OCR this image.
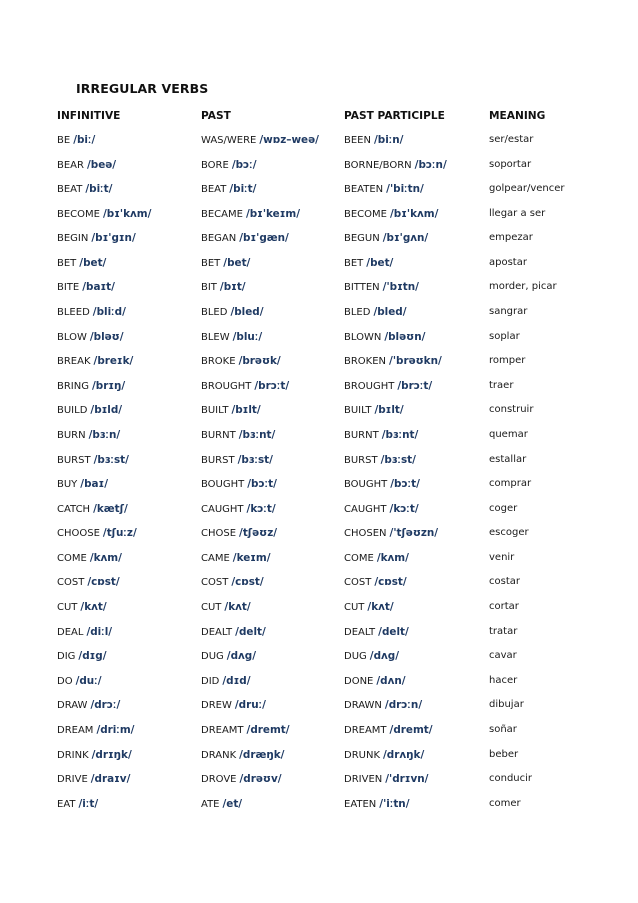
IRREGULAR VERBS
INFINITIVE	PAST	PAST PARTICIPLE	MEANING
BE /biː/	WAS/WERE /wɒz–weə/	BEEN /biːn/	ser/estar
BEAR /beə/	BORE /bɔː/	BORNE/BORN /bɔːn/	soportar
BEAT /biːt/	BEAT /biːt/	BEATEN /'biːtn/	golpear/vencer
BECOME /bɪ'kʌm/	BECAME /bɪ'keɪm/	BECOME /bɪ'kʌm/	llegar a ser
BEGIN /bɪ'gɪn/	BEGAN /bɪ'gæn/	BEGUN /bɪ'gʌn/	empezar
BET /bet/	BET /bet/	BET /bet/	apostar
BITE /baɪt/	BIT /bɪt/	BITTEN /'bɪtn/	morder, picar
BLEED /bliːd/	BLED /bled/	BLED /bled/	sangrar
BLOW /bləʊ/	BLEW /bluː/	BLOWN /bləʊn/	soplar
BREAK /breɪk/	BROKE /brəʊk/	BROKEN /'brəʊkn/	romper
BRING /brɪŋ/	BROUGHT /brɔːt/	BROUGHT /brɔːt/	traer
BUILD /bɪld/	BUILT /bɪlt/	BUILT /bɪlt/	construir
BURN /bɜːn/	BURNT /bɜːnt/	BURNT /bɜːnt/	quemar
BURST /bɜːst/	BURST /bɜːst/	BURST /bɜːst/	estallar
BUY /baɪ/	BOUGHT /bɔːt/	BOUGHT /bɔːt/	comprar
CATCH /kætʃ/	CAUGHT /kɔːt/	CAUGHT /kɔːt/	coger
CHOOSE /tʃuːz/	CHOSE /tʃəʊz/	CHOSEN /'tʃəʊzn/	escoger
COME /kʌm/	CAME /keɪm/	COME /kʌm/	venir
COST /cɒst/	COST /cɒst/	COST /cɒst/	costar
CUT /kʌt/	CUT /kʌt/	CUT /kʌt/	cortar
DEAL /diːl/	DEALT /delt/	DEALT /delt/	tratar
DIG /dɪg/	DUG /dʌg/	DUG /dʌg/	cavar
DO /duː/	DID /dɪd/	DONE /dʌn/	hacer
DRAW /drɔː/	DREW /druː/	DRAWN /drɔːn/	dibujar
DREAM /driːm/	DREAMT /dremt/	DREAMT /dremt/	soñar
DRINK /drɪŋk/	DRANK /dræŋk/	DRUNK /drʌŋk/	beber
DRIVE /draɪv/	DROVE /drəʊv/	DRIVEN /'drɪvn/	conducir
EAT /iːt/	ATE /et/	EATEN /'iːtn/	comer
